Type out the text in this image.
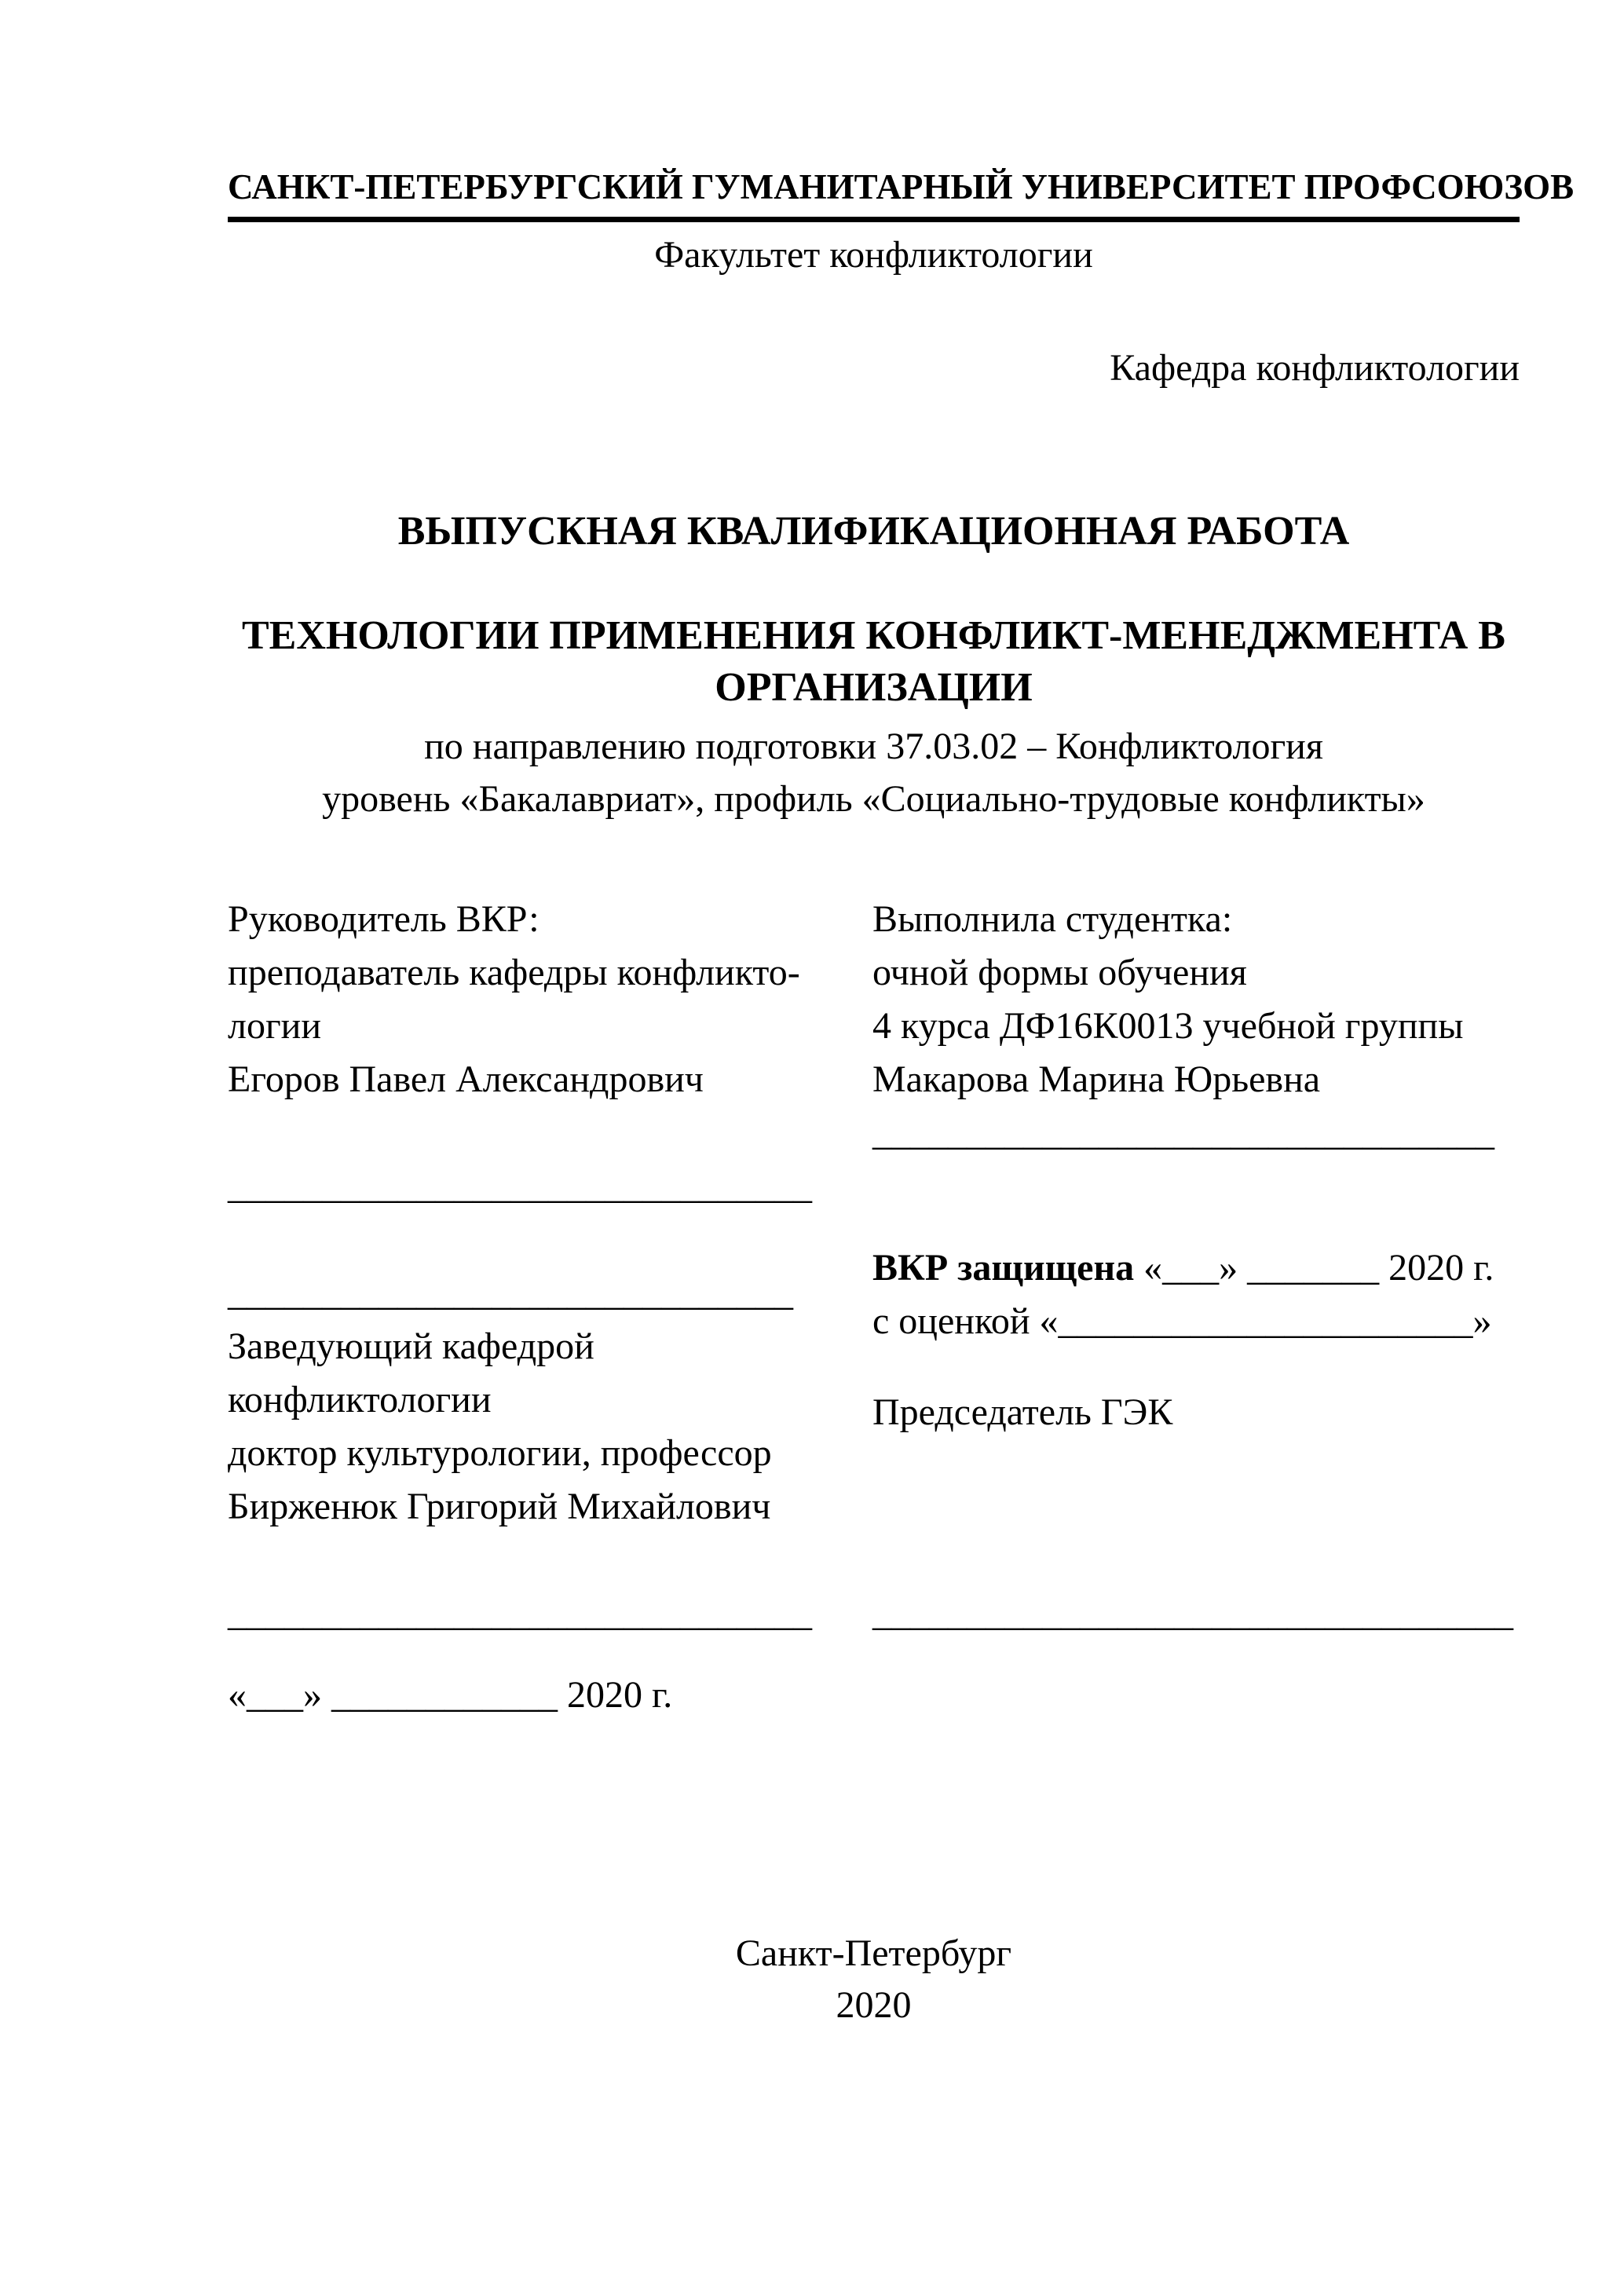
САНКТ-ПЕТЕРБУРГСКИЙ ГУМАНИТАРНЫЙ УНИВЕРСИТЕТ ПРОФСОЮЗОВ
Факультет конфликтологии
Кафедра конфликтологии
ВЫПУСКНАЯ КВАЛИФИКАЦИОННАЯ РАБОТА
ТЕХНОЛОГИИ ПРИМЕНЕНИЯ КОНФЛИКТ-МЕНЕДЖМЕНТА В
ОРГАНИЗАЦИИ
по направлению подготовки 37.03.02 – Конфликтология
уровень «Бакалавриат», профиль «Социально-трудовые конфликты»
Руководитель ВКР:
преподаватель кафедры конфликто-
логии
Егоров Павел Александрович
_______________________________
______________________________
Заведующий кафедрой
конфликтологии
доктор культурологии, профессор
Бирженюк Григорий Михайлович
_______________________________
«___» ____________ 2020 г.
Выполнила студентка:
очной формы обучения
4 курса ДФ16К0013 учебной группы
Макарова Марина Юрьевна
_________________________________
ВКР защищена «___» _______ 2020 г.
с оценкой «______________________»
Председатель ГЭК
__________________________________
Санкт-Петербург
2020
